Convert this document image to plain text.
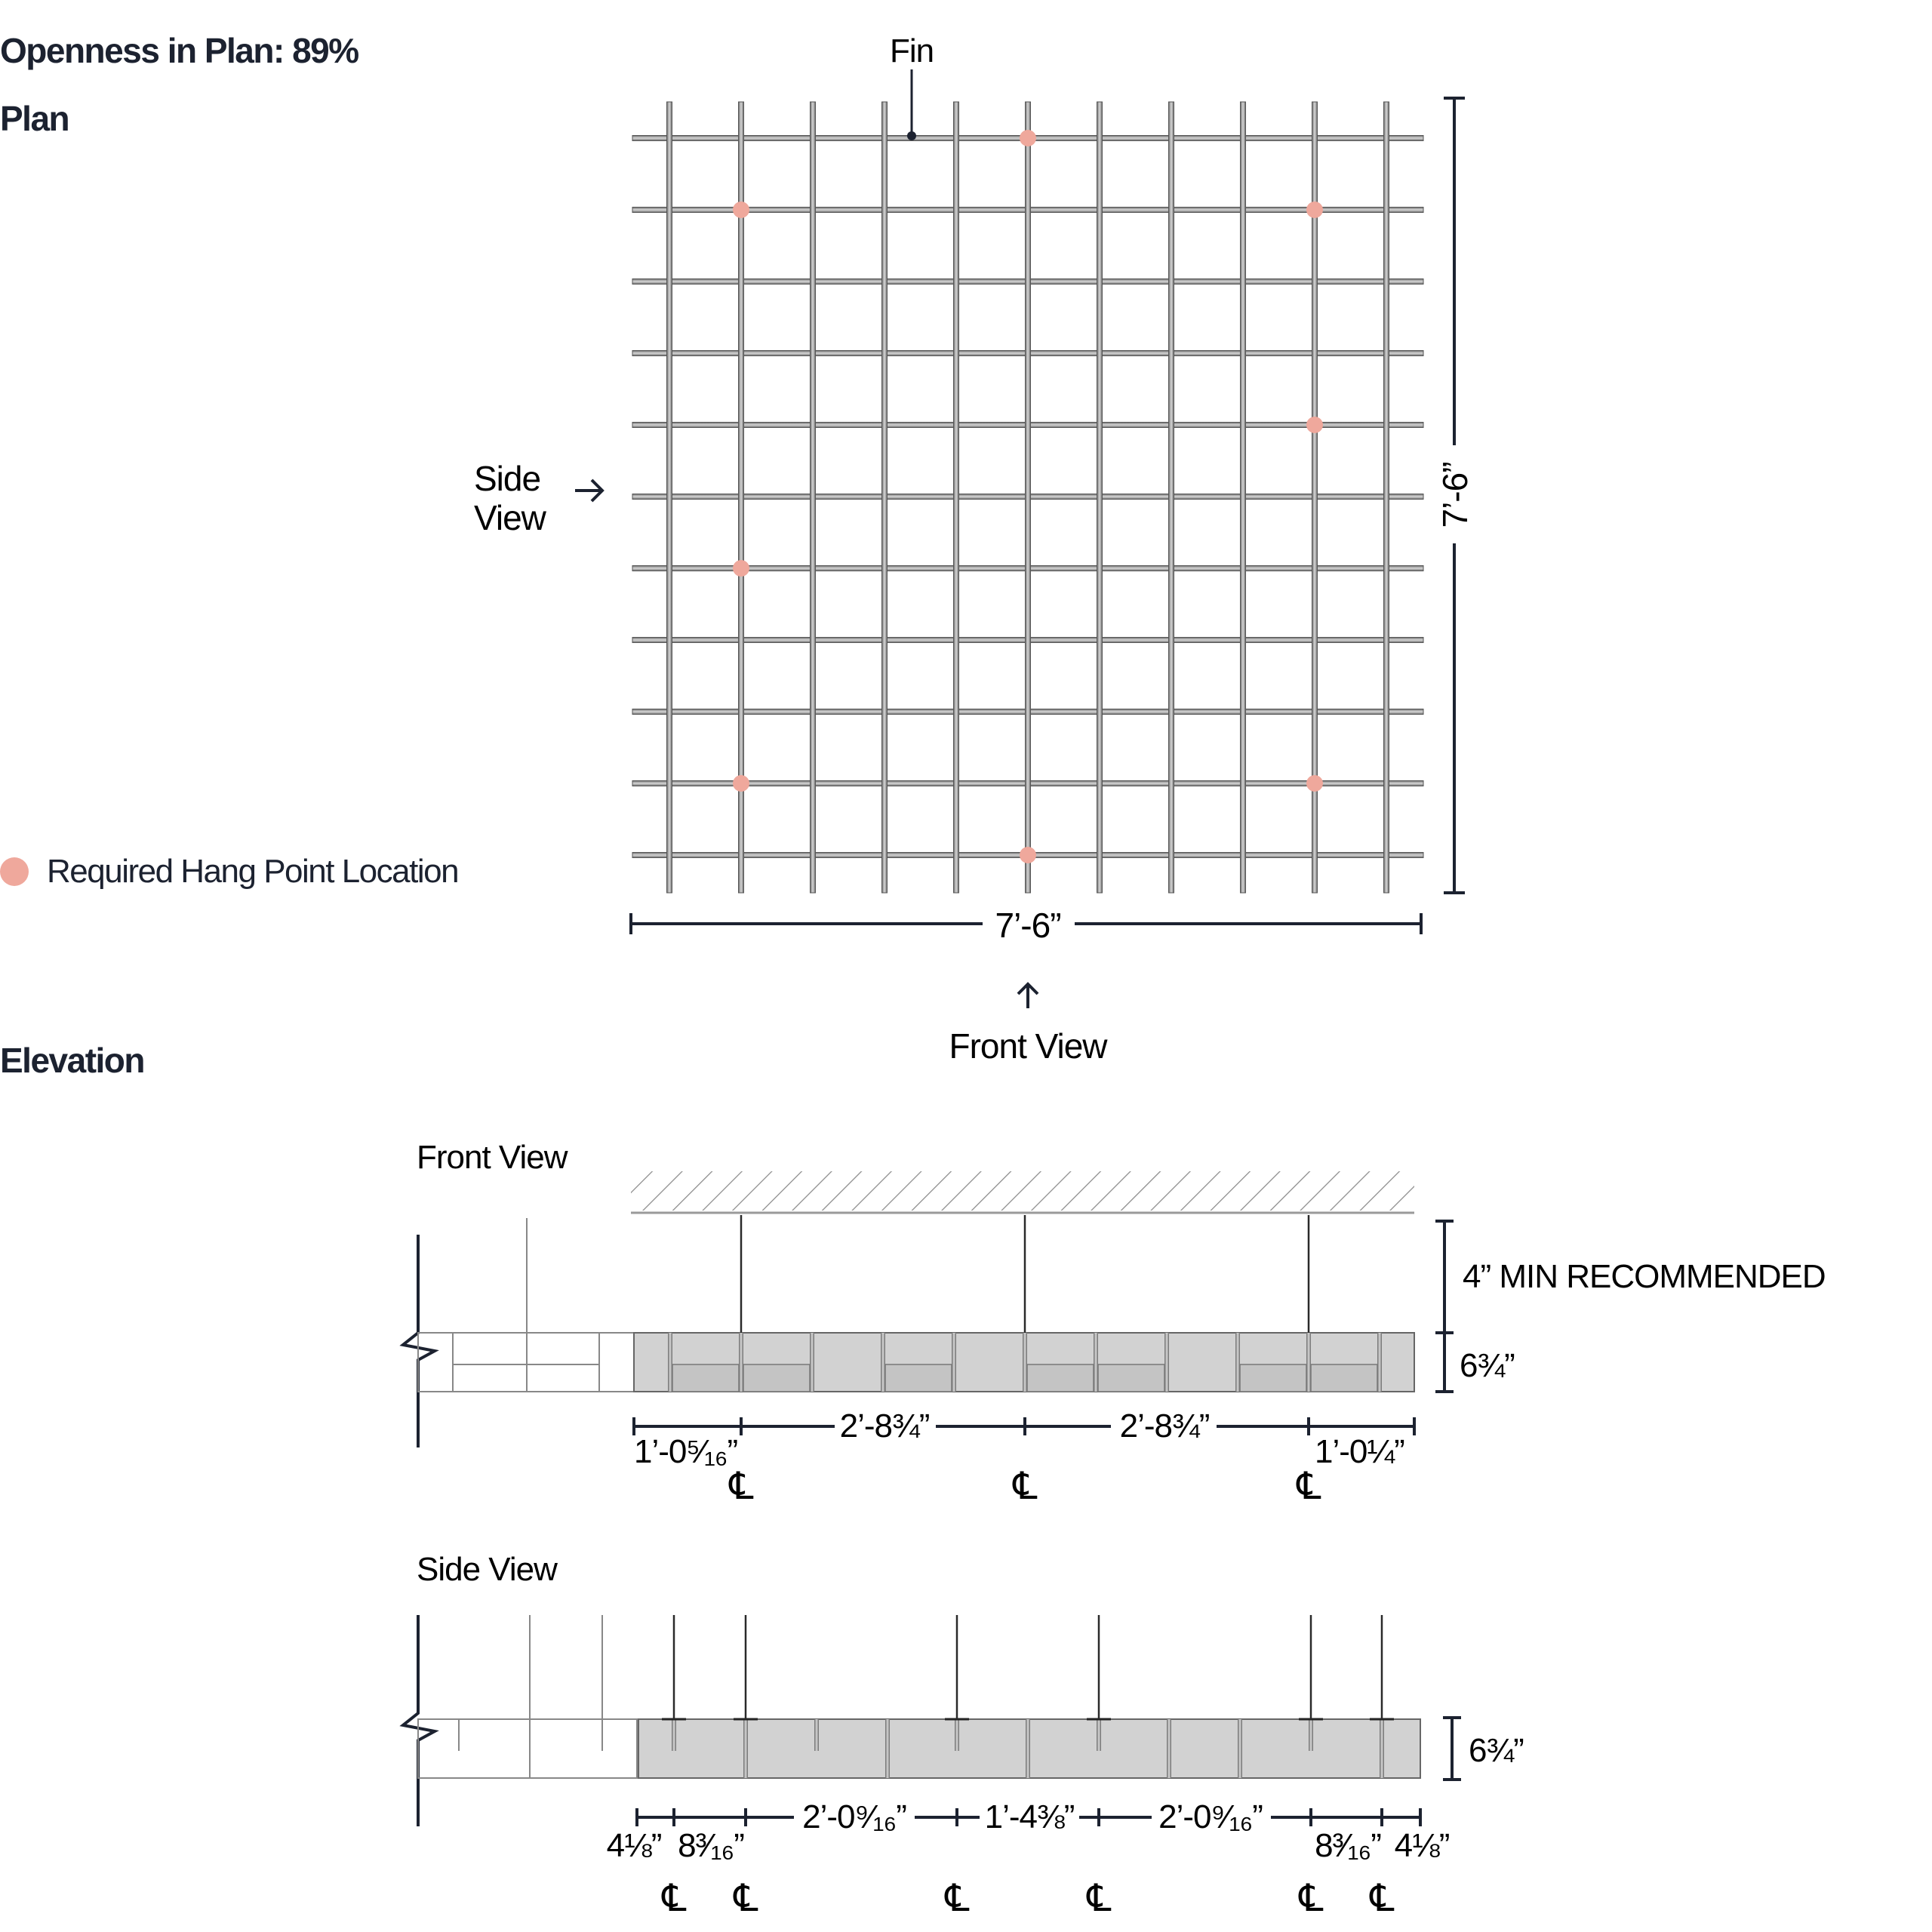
Openness in Plan: 89%
Plan
Elevation
Required Hang Point Location
Fin
Side
View
7’-6”
7’-6”
Front View
Front View
4” MIN RECOMMENDED
6¾”
1’-0⁵⁄₁₆”
2’-8¾”	2’-8¾”
1’-0¼”
℄	℄	℄
Side View
6¾”
4⅛” 8³⁄₁₆”
2’-0⁹⁄₁₆” 1’-4⅜”	2’-0⁹⁄₁₆”
8³⁄₁₆” 4⅛”
℄ ℄	℄	℄	℄ ℄
